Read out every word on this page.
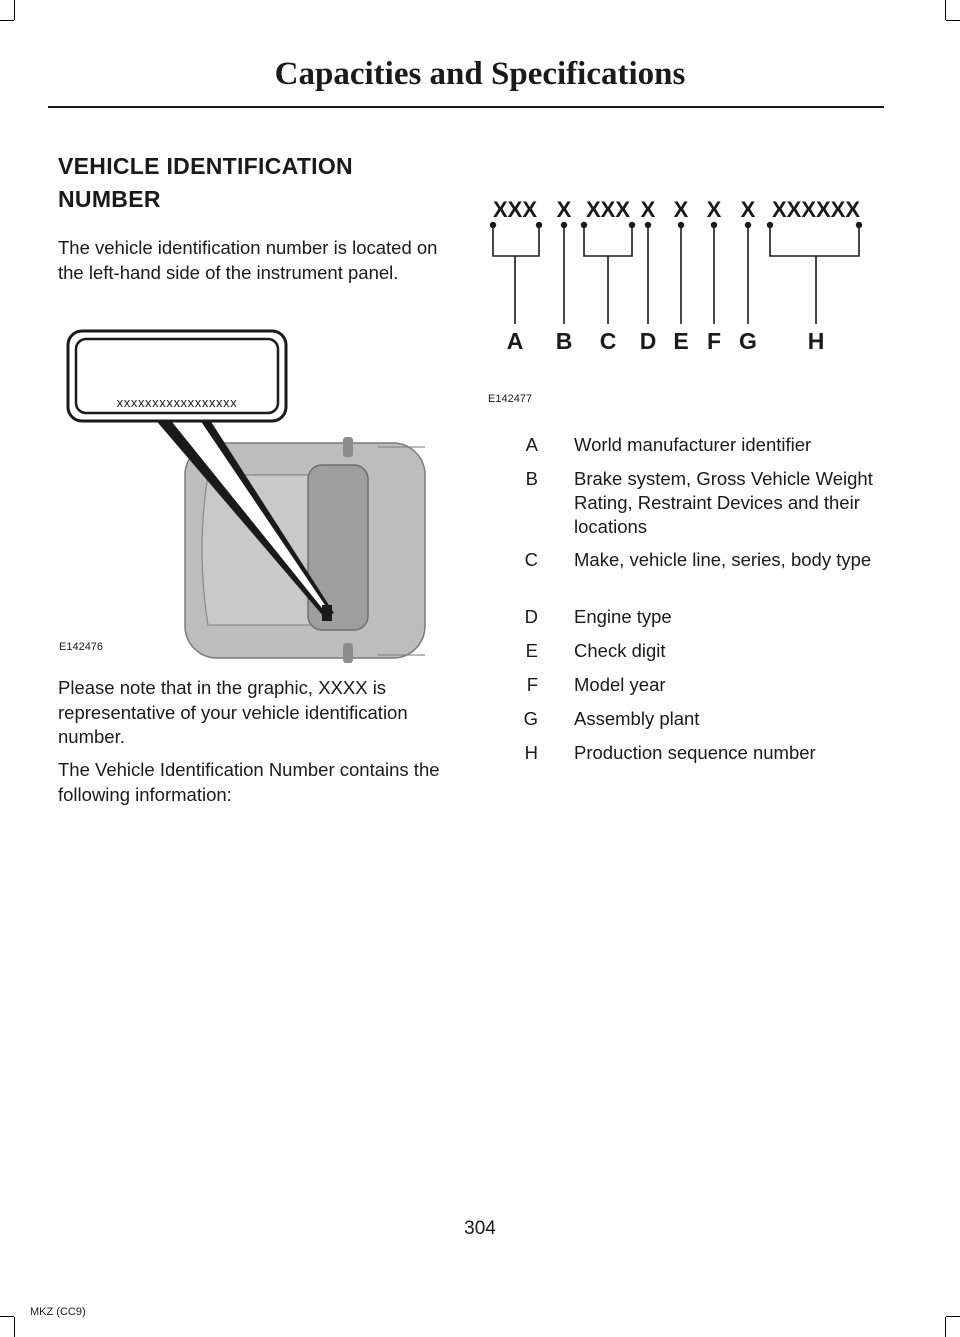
Capacities and Specifications
VEHICLE IDENTIFICATION NUMBER
The vehicle identification number is located on the left-hand side of the instrument panel.
xxxxxxxxxxxxxxxxx
E142476
Please note that in the graphic, XXXX is representative of your vehicle identification number.
The Vehicle Identification Number contains the following information:
XXX X XXX X X X X XXXXXX
A B C D E F G H
E142477
A World manufacturer identifier
B Brake system, Gross Vehicle Weight Rating, Restraint Devices and their locations
C Make, vehicle line, series, body type
D Engine type
E Check digit
F Model year
G Assembly plant
H Production sequence number
304
MKZ (CC9)
